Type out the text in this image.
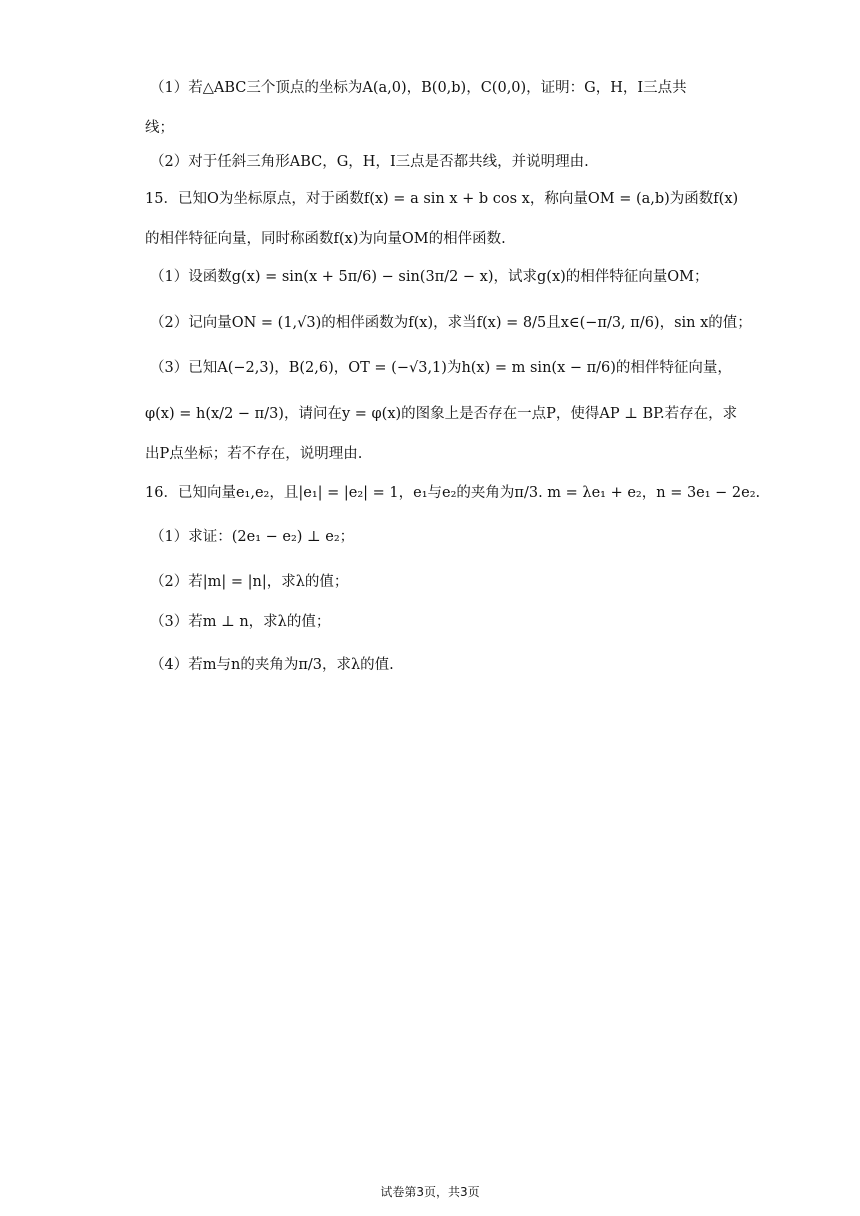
（1）若△ABC三个顶点的坐标为A(a,0)，B(0,b)，C(0,0)，证明：G，H，I三点共
线；
（2）对于任斜三角形ABC，G，H，I三点是否都共线，并说明理由.
15．已知O为坐标原点，对于函数f(x) = a sin x + b cos x，称向量OM = (a,b)为函数f(x)
的相伴特征向量，同时称函数f(x)为向量OM的相伴函数.
（1）设函数g(x) = sin(x + 5π/6) − sin(3π/2 − x)，试求g(x)的相伴特征向量OM；
（2）记向量ON = (1,√3)的相伴函数为f(x)，求当f(x) = 8/5且x∈(−π/3, π/6)，sin x的值；
（3）已知A(−2,3)，B(2,6)，OT = (−√3,1)为h(x) = m sin(x − π/6)的相伴特征向量，
φ(x) = h(x/2 − π/3)，请问在y = φ(x)的图象上是否存在一点P，使得AP ⊥ BP.若存在，求
出P点坐标；若不存在，说明理由.
16．已知向量e₁,e₂，且|e₁| = |e₂| = 1，e₁与e₂的夹角为π/3. m = λe₁ + e₂，n = 3e₁ − 2e₂.
（1）求证：(2e₁ − e₂) ⊥ e₂；
（2）若|m| = |n|，求λ的值；
（3）若m ⊥ n，求λ的值；
（4）若m与n的夹角为π/3，求λ的值.
试卷第3页，共3页
